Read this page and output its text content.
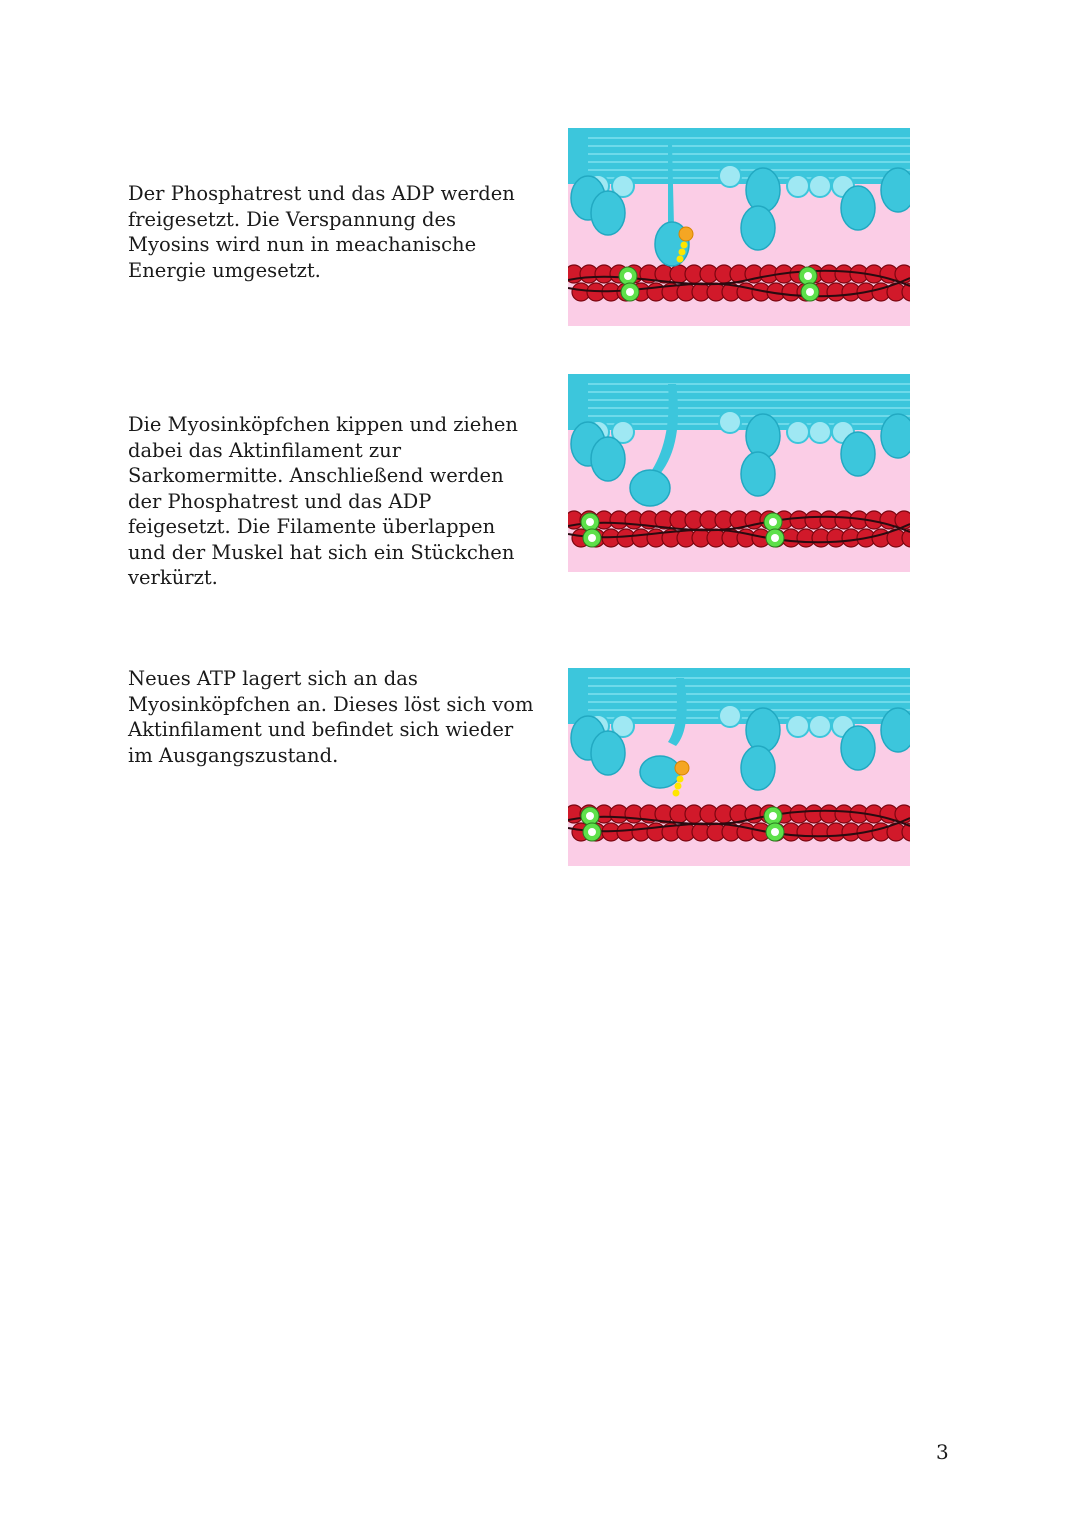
Der Phosphatrest und das ADP werden freigesetzt. Die Verspannung des Myosins wird nun in meachanische Energie umgesetzt.

Die Myosinköpfchen kippen und ziehen dabei das Aktinfilament zur Sarkomermitte. Anschließend werden der Phosphatrest und das ADP feigesetzt. Die Filamente überlappen und der Muskel hat sich ein Stückchen verkürzt.

Neues ATP lagert sich an das Myosinköpfchen an. Dieses löst sich vom Aktinfilament und befindet sich wieder im Ausgangszustand.

3
